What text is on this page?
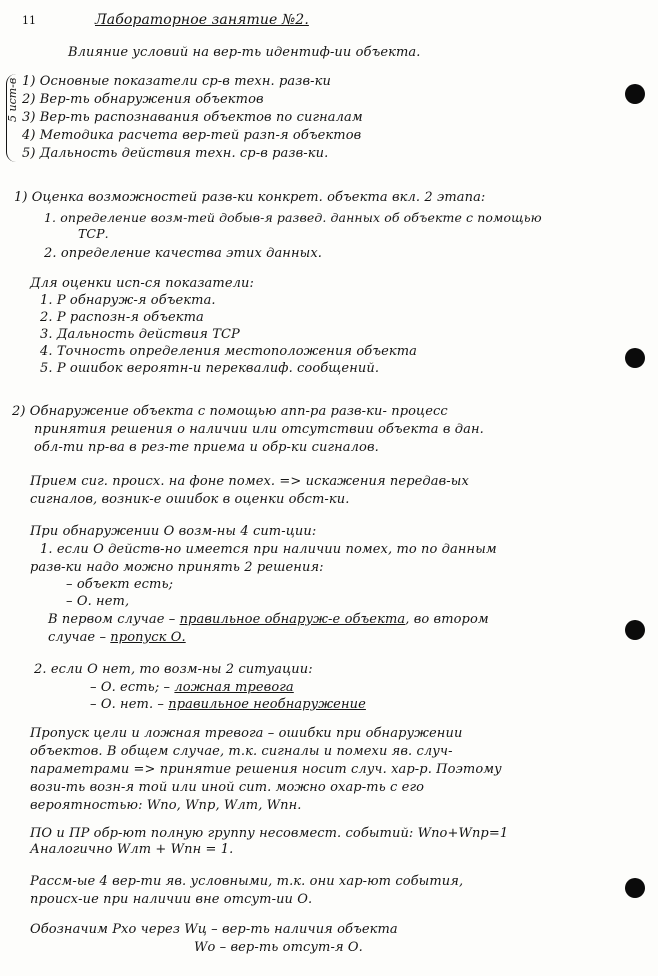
11	Лабораторное занятие №2.
Влияние условий на вер-ть идентиф-ии объекта.
5 ист-в 1) Основные показатели ср-в техн. разв-ки
2) Вер-ть обнаружения объектов
3) Вер-ть распознавания объектов по сигналам
4) Методика расчета вер-тей разп-я объектов
5) Дальность действия техн. ср-в разв-ки.
1) Оценка возможностей разв-ки конкрет. объекта вкл. 2 этапа:
1. определение возм-тей добыв-я развед. данных об объекте с помощью
ТСР.
2. определение качества этих данных.
Для оценки исп-ся показатели:
1. Р обнаруж-я объекта.
2. Р распозн-я объекта
3. Дальность действия ТСР
4. Точность определения местоположения объекта
5. Р ошибок вероятн-и переквалиф. сообщений.
2) Обнаружение объекта с помощью апп-ра разв-ки- процесс
принятия решения о наличии или отсутствии объекта в дан.
обл-ти пр-ва в рез-те приема и обр-ки сигналов.
Прием сиг. происх. на фоне помех. => искажения передав-ых
сигналов, возник-е ошибок в оценки обст-ки.
При обнаружении О возм-ны 4 сит-ции:
1. если О действ-но имеется при наличии помех, то по данным
разв-ки надо можно принять 2 решения:
– объект есть;
– О. нет,
В первом случае – правильное обнаруж-е объекта, во втором
случае – пропуск О.
2. если О нет, то возм-ны 2 ситуации:
– О. есть; – ложная тревога
– О. нет. – правильное необнаружение
Пропуск цели и ложная тревога – ошибки при обнаружении
объектов. В общем случае, т.к. сигналы и помехи яв. случ-
параметрами => принятие решения носит случ. хар-р. Поэтому
вози-ть возн-я той или иной сит. можно охар-ть с его
вероятностью: Wпо, Wпр, Wлт, Wпн.
ПО и ПР обр-ют полную группу несовмест. событий: Wпо+Wпр=1
Аналогично Wлт + Wпн = 1.
Рассм-ые 4 вер-ти яв. условными, т.к. они хар-ют события,
происх-ие при наличии вне отсут-ии О.
Обозначим Рхо через Wц – вер-ть наличия объекта
Wо – вер-ть отсут-я О.
